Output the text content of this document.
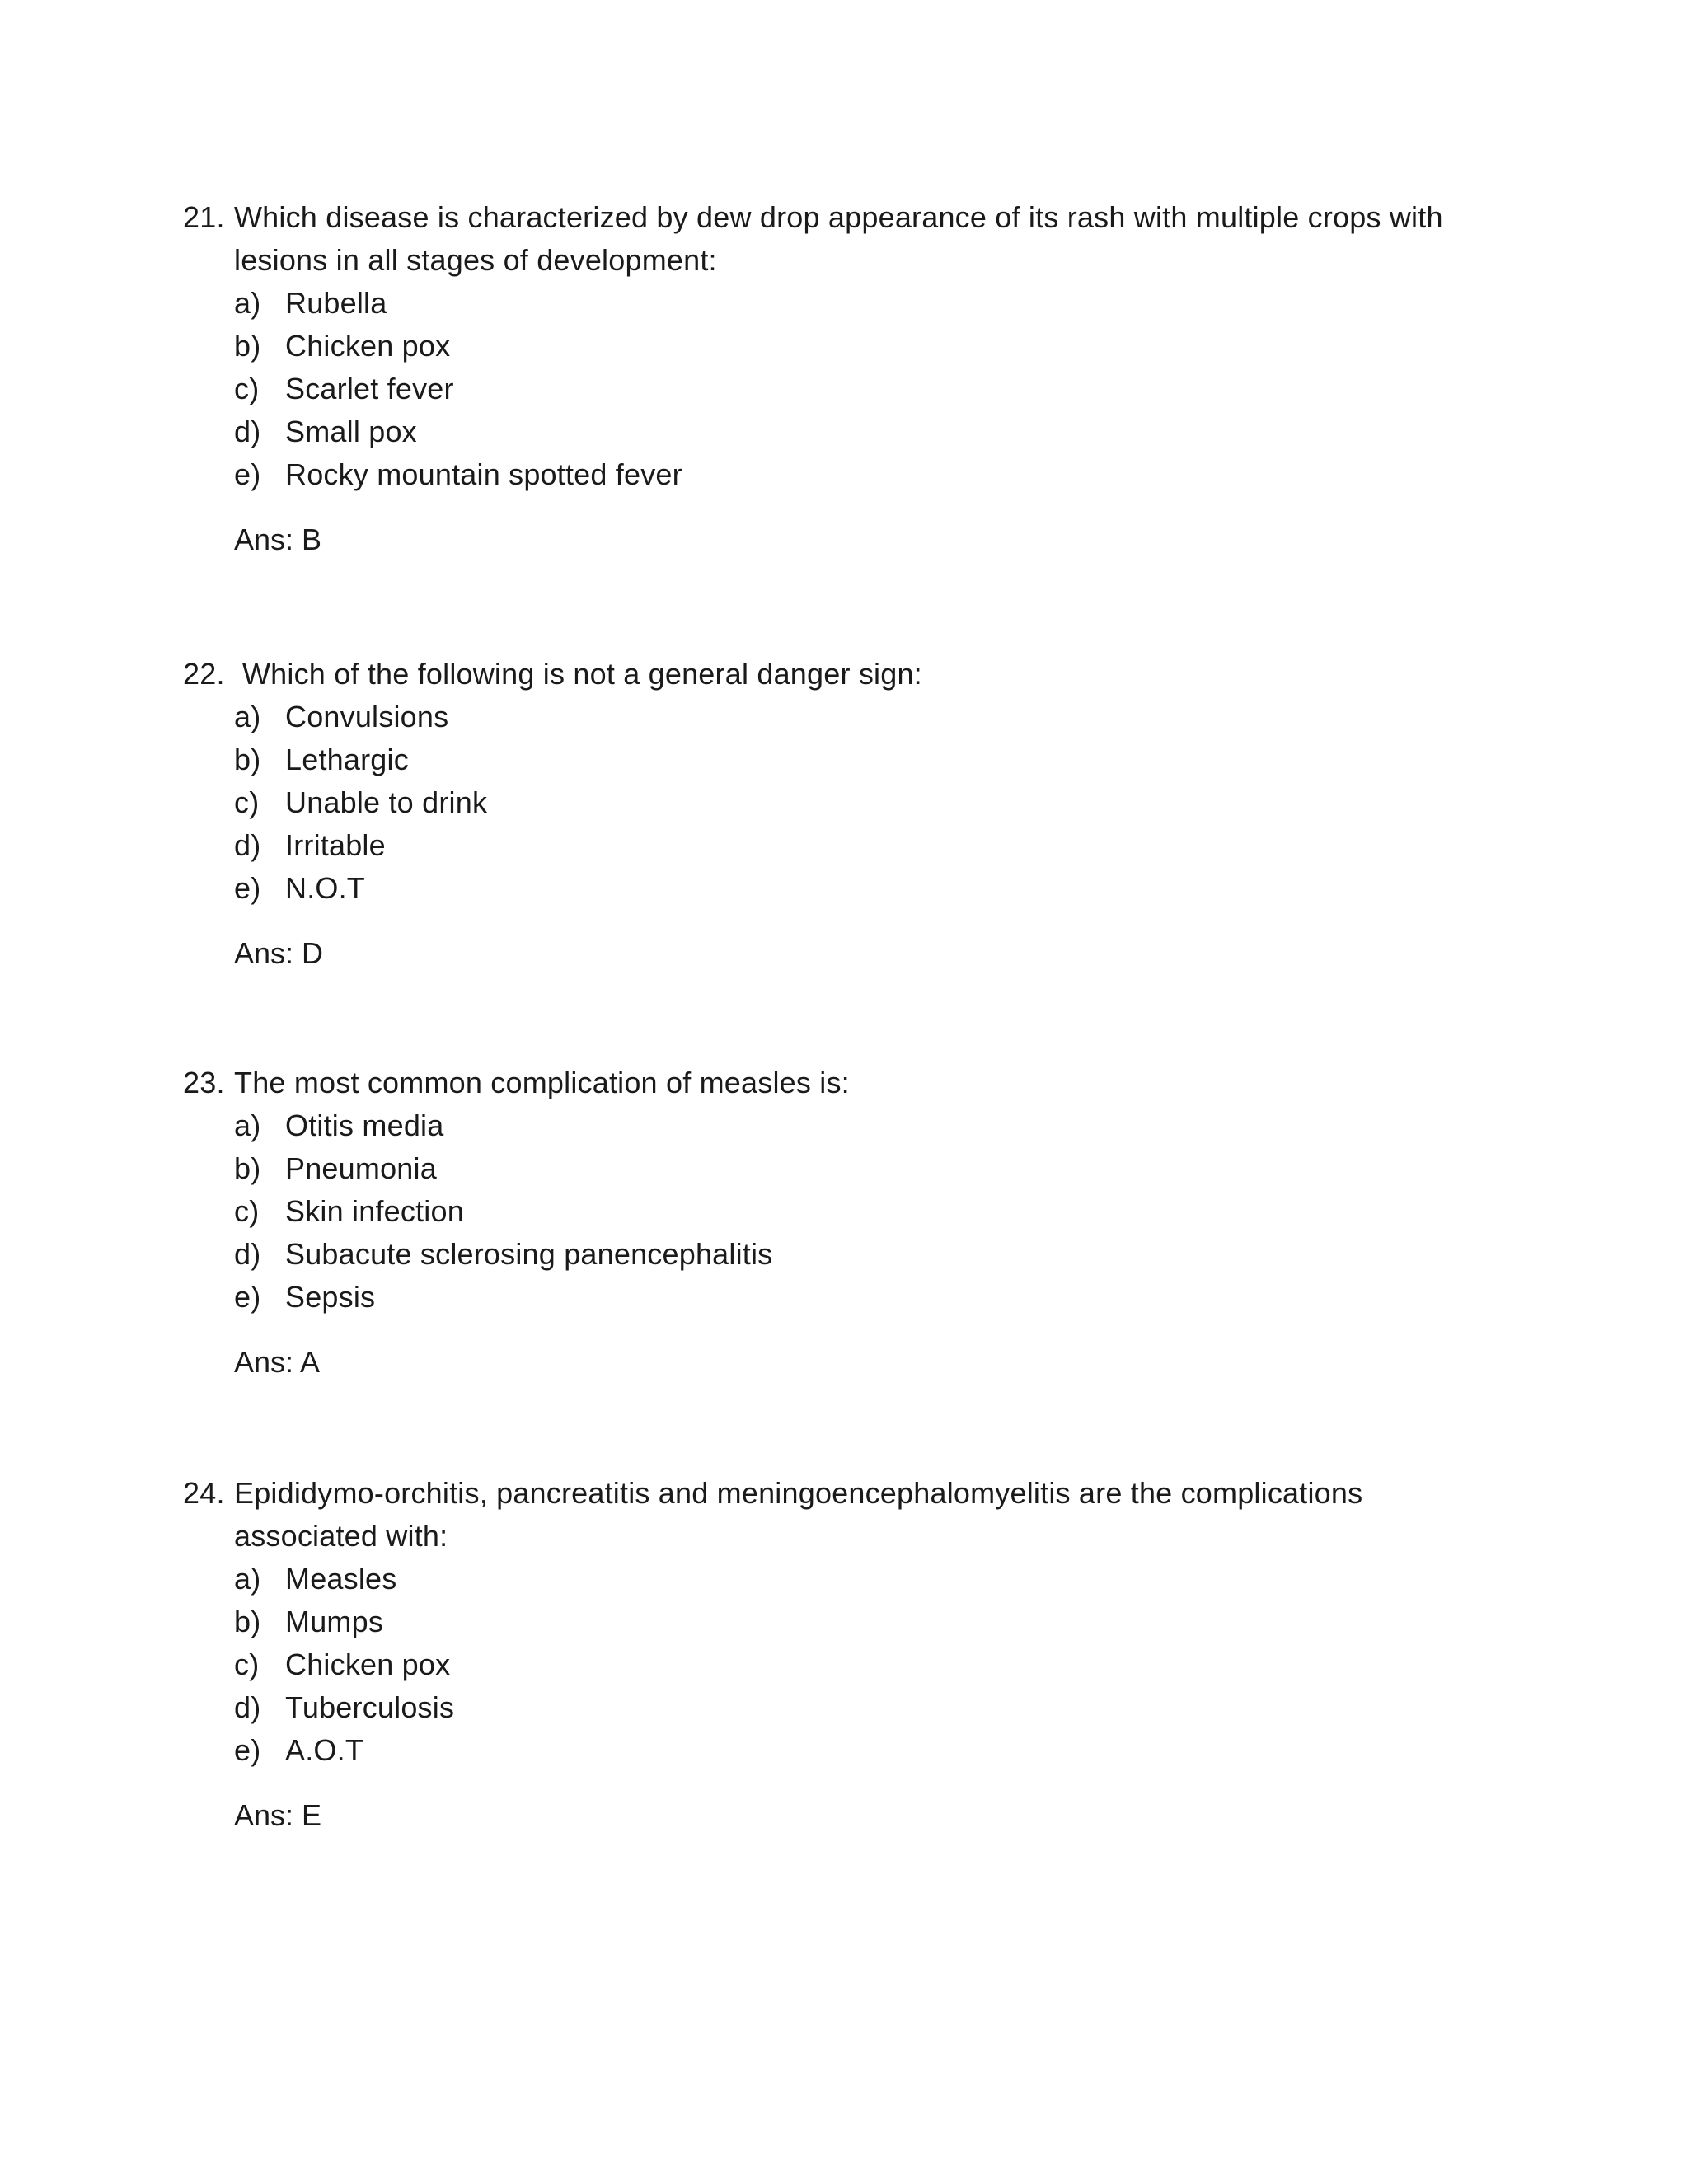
21. Which disease is characterized by dew drop appearance of its rash with multiple crops with lesions in all stages of development:
a) Rubella
b) Chicken pox
c) Scarlet fever
d) Small pox
e) Rocky mountain spotted fever
Ans: B
22. Which of the following is not a general danger sign:
a) Convulsions
b) Lethargic
c) Unable to drink
d) Irritable
e) N.O.T
Ans: D
23. The most common complication of measles is:
a) Otitis media
b) Pneumonia
c) Skin infection
d) Subacute sclerosing panencephalitis
e) Sepsis
Ans: A
24. Epididymo-orchitis, pancreatitis and meningoencephalomyelitis are the complications associated with:
a) Measles
b) Mumps
c) Chicken pox
d) Tuberculosis
e) A.O.T
Ans: E
